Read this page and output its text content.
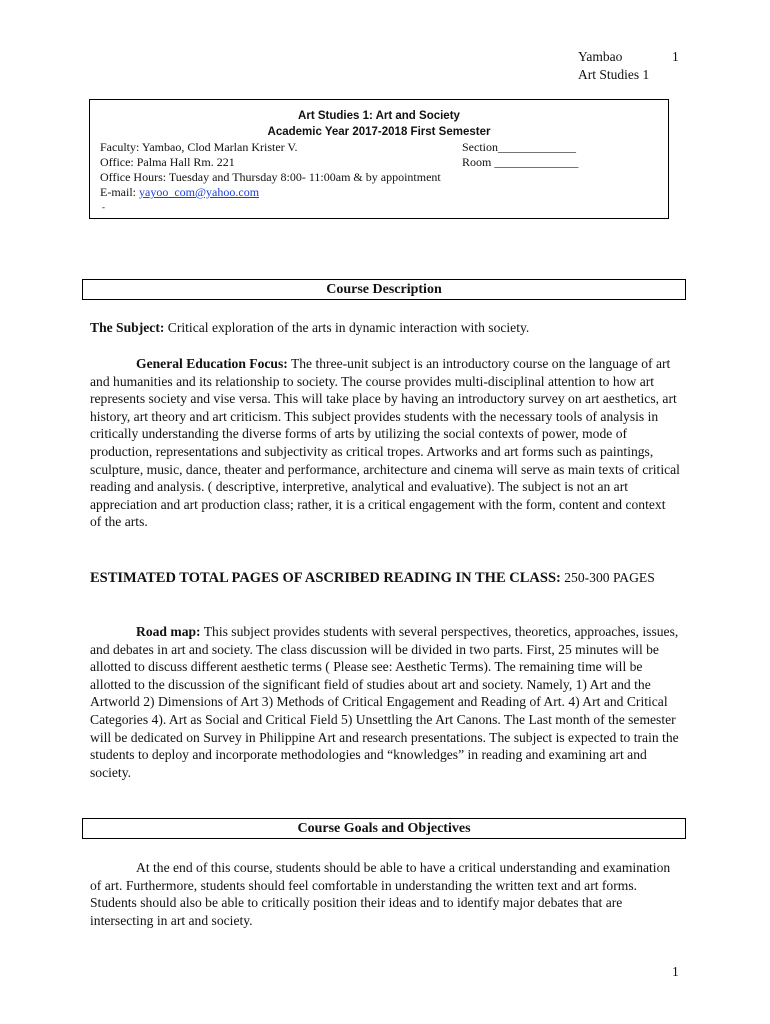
Yambao	1
Art Studies 1
Art Studies 1: Art and Society
Academic Year 2017-2018 First Semester
Faculty: Yambao, Clod Marlan Krister V.	Section_____________
Office: Palma Hall Rm. 221	Room ______________
Office Hours: Tuesday and Thursday 8:00- 11:00am & by appointment
E-mail: yayoo_com@yahoo.com
-
Course Description
The Subject: Critical exploration of the arts in dynamic interaction with society.
General Education Focus: The three-unit subject is an introductory course on the language of art and humanities and its relationship to society. The course provides multi-disciplinal attention to how art represents society and vise versa. This will take place by having an introductory survey on art aesthetics, art history, art theory and art criticism. This subject provides students with the necessary tools of analysis in critically understanding the diverse forms of arts by utilizing the social contexts of power, mode of production, representations and subjectivity as critical tropes. Artworks and art forms such as paintings, sculpture, music, dance, theater and performance, architecture and cinema will serve as main texts of critical reading and analysis. ( descriptive, interpretive, analytical and evaluative). The subject is not an art appreciation and art production class; rather, it is a critical engagement with the form, content and context of the arts.
ESTIMATED TOTAL PAGES OF ASCRIBED READING IN THE CLASS: 250-300 PAGES
Road map: This subject provides students with several perspectives, theoretics, approaches, issues, and debates in art and society. The class discussion will be divided in two parts. First, 25 minutes will be allotted to discuss different aesthetic terms ( Please see: Aesthetic Terms). The remaining time will be allotted to the discussion of the significant field of studies about art and society. Namely, 1) Art and the Artworld 2) Dimensions of Art 3) Methods of Critical Engagement and Reading of Art. 4) Art and Critical Categories 4). Art as Social and Critical Field 5) Unsettling the Art Canons. The Last month of the semester will be dedicated on Survey in Philippine Art and research presentations. The subject is expected to train the students to deploy and incorporate methodologies and “knowledges” in reading and examining art and society.
Course Goals and Objectives
At the end of this course, students should be able to have a critical understanding and examination of art. Furthermore, students should feel comfortable in understanding the written text and art forms. Students should also be able to critically position their ideas and to identify major debates that are intersecting in art and society.
1
